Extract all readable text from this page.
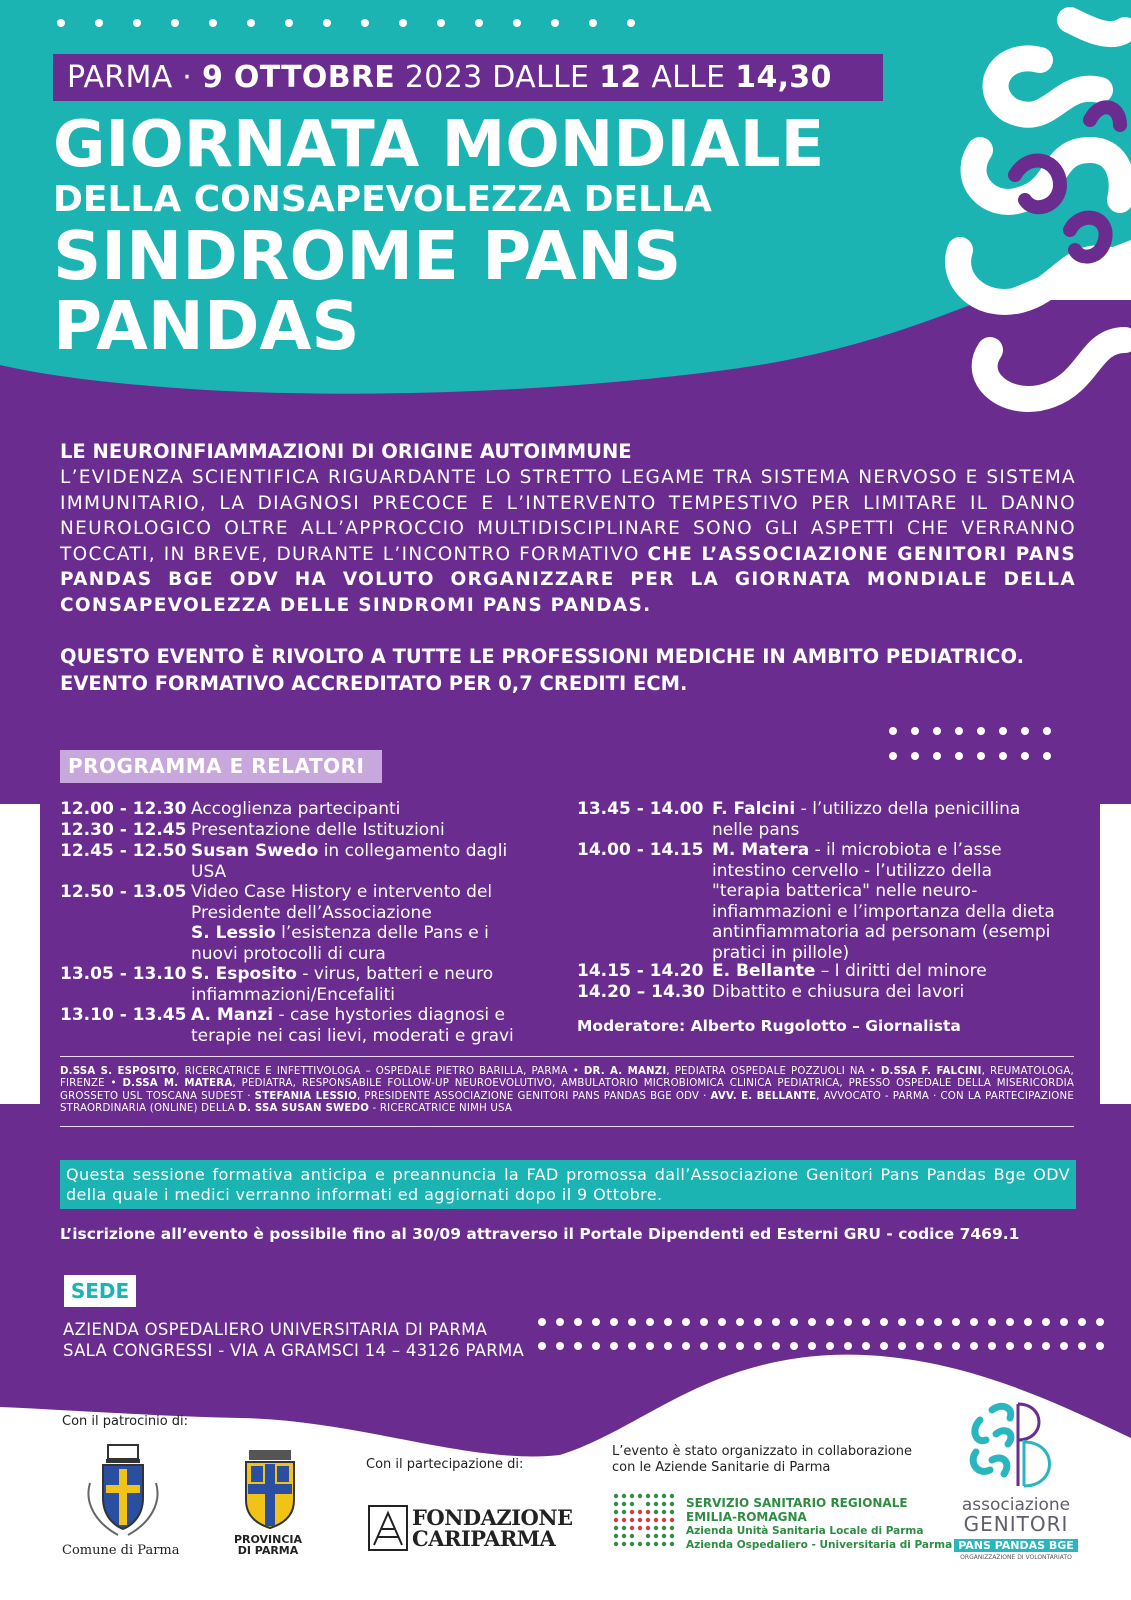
PARMA · 9 OTTOBRE 2023 DALLE 12 ALLE 14,30
GIORNATA MONDIALE
DELLA CONSAPEVOLEZZA DELLA
SINDROME PANS
PANDAS
LE NEUROINFIAMMAZIONI DI ORIGINE AUTOIMMUNE
L’EVIDENZA SCIENTIFICA RIGUARDANTE LO STRETTO LEGAME TRA SISTEMA NERVOSO E SISTEMA IMMUNITARIO, LA DIAGNOSI PRECOCE E L’INTERVENTO TEMPESTIVO PER LIMITARE IL DANNO NEUROLOGICO OLTRE ALL’APPROCCIO MULTIDISCIPLINARE SONO GLI ASPETTI CHE VERRANNO TOCCATI, IN BREVE, DURANTE L’INCONTRO FORMATIVO CHE L’ASSOCIAZIONE GENITORI PANS PANDAS BGE ODV HA VOLUTO ORGANIZZARE PER LA GIORNATA MONDIALE DELLA CONSAPEVOLEZZA DELLE SINDROMI PANS PANDAS.
QUESTO EVENTO È RIVOLTO A TUTTE LE PROFESSIONI MEDICHE IN AMBITO PEDIATRICO. EVENTO FORMATIVO ACCREDITATO PER 0,7 CREDITI ECM.
PROGRAMMA E RELATORI
12.00 - 12.30 Accoglienza partecipanti
12.30 - 12.45 Presentazione delle Istituzioni
12.45 - 12.50 Susan Swedo in collegamento dagli USA
12.50 - 13.05 Video Case History e intervento del Presidente dell’Associazione
S. Lessio l’esistenza delle Pans e i nuovi protocolli di cura
13.05 - 13.10 S. Esposito - virus, batteri e neuro infiammazioni/Encefaliti
13.10 - 13.45 A. Manzi - case hystories diagnosi e terapie nei casi lievi, moderati e gravi
13.45 - 14.00 F. Falcini - l’utilizzo della penicillina nelle pans
14.00 - 14.15 M. Matera - il microbiota e l’asse intestino cervello - l’utilizzo della "terapia batterica" nelle neuro-infiammazioni e l’importanza della dieta antinfiammatoria ad personam (esempi pratici in pillole)
14.15 - 14.20 E. Bellante – I diritti del minore
14.20 – 14.30 Dibattito e chiusura dei lavori
Moderatore: Alberto Rugolotto – Giornalista
D.SSA S. ESPOSITO, RICERCATRICE E INFETTIVOLOGA – OSPEDALE PIETRO BARILLA, PARMA • DR. A. MANZI, PEDIATRA OSPEDALE POZZUOLI NA • D.SSA F. FALCINI, REUMATOLOGA, FIRENZE • D.SSA M. MATERA, PEDIATRA, RESPONSABILE FOLLOW-UP NEUROEVOLUTIVO, AMBULATORIO MICROBIOMICA CLINICA PEDIATRICA, PRESSO OSPEDALE DELLA MISERICORDIA GROSSETO USL TOSCANA SUDEST · STEFANIA LESSIO, PRESIDENTE ASSOCIAZIONE GENITORI PANS PANDAS BGE ODV · AVV. E. BELLANTE, AVVOCATO - PARMA · CON LA PARTECIPAZIONE STRAORDINARIA (ONLINE) DELLA D. SSA SUSAN SWEDO - RICERCATRICE NIMH USA
Questa sessione formativa anticipa e preannuncia la FAD promossa dall’Associazione Genitori Pans Pandas Bge ODV della quale i medici verranno informati ed aggiornati dopo il 9 Ottobre.
L’iscrizione all’evento è possibile fino al 30/09 attraverso il Portale Dipendenti ed Esterni GRU - codice 7469.1
SEDE
AZIENDA OSPEDALIERO UNIVERSITARIA DI PARMA
SALA CONGRESSI - VIA A GRAMSCI 14 – 43126 PARMA
Con il patrocinio di:
Comune di Parma
PROVINCIA
DI PARMA
Con il partecipazione di:
FONDAZIONE
CARIPARMA
L’evento è stato organizzato in collaborazione
con le Aziende Sanitarie di Parma
SERVIZIO SANITARIO REGIONALE
EMILIA-ROMAGNA
Azienda Unità Sanitaria Locale di Parma
Azienda Ospedaliero - Universitaria di Parma
associazione
GENITORI
PANS PANDAS BGE
ORGANIZZAZIONE DI VOLONTARIATO
